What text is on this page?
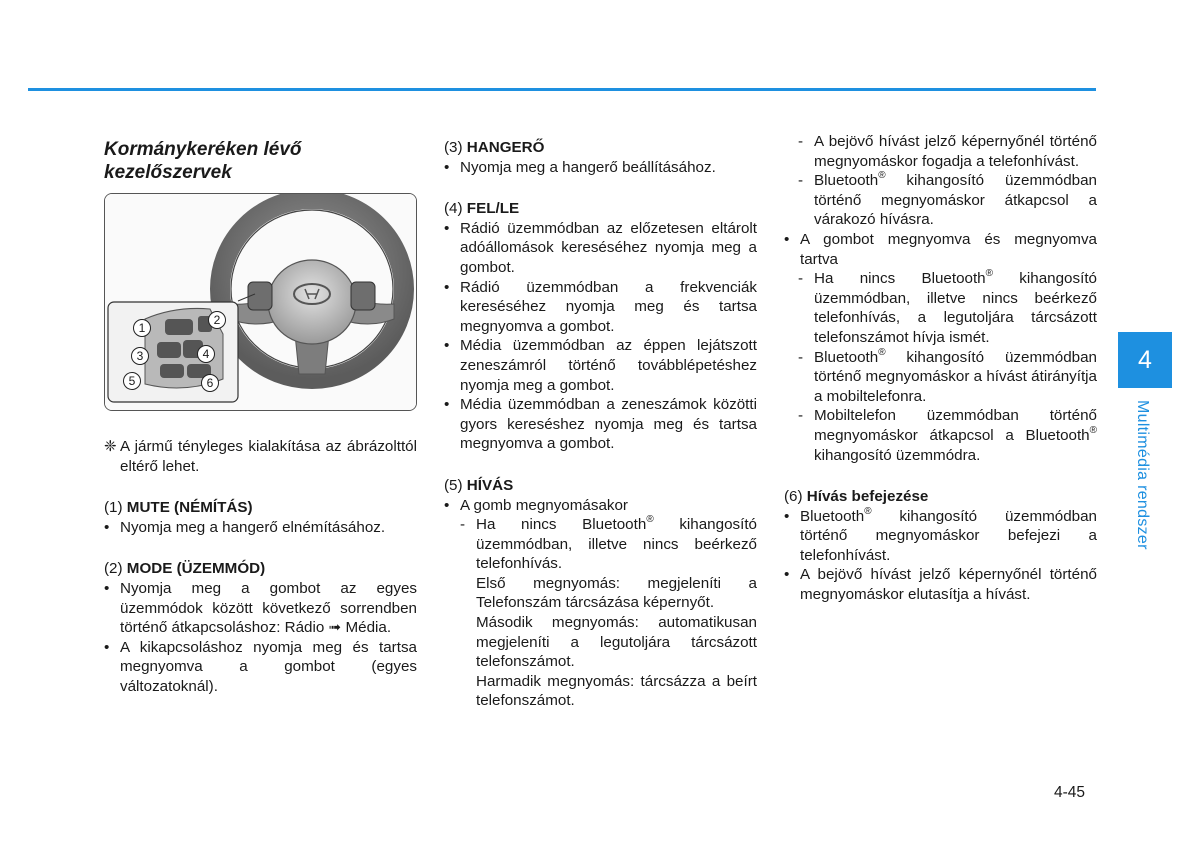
Kormánykeréken lévő kezelőszervek
1
2
3	4
5	6
❈ A jármű tényleges kialakítása az ábrázolttól eltérő lehet.

(1) MUTE (NÉMÍTÁS)

• Nyomja meg a hangerő elnémításához.

(2) MODE (ÜZEMMÓD)

• Nyomja meg a gombot az egyes üzemmódok között következő sorrendben történő átkapcsoláshoz: Rádio ➟ Média.
• A kikapcsoláshoz nyomja meg és tartsa megnyomva a gombot (egyes változatoknál).

(3) HANGERŐ

• Nyomja meg a hangerő beállításához.

(4) FEL/LE

• Rádió üzemmódban az előzetesen eltárolt adóállomások kereséséhez nyomja meg a gombot.
• Rádió üzemmódban a frekvenciák kereséséhez nyomja meg és tartsa megnyomva a gombot.
• Média üzemmódban az éppen lejátszott zeneszámról történő továbblépetéshez nyomja meg a gombot.
• Média üzemmódban a zeneszámok közötti gyors kereséshez nyomja meg és tartsa megnyomva a gombot.

(5) HÍVÁS

• A gomb megnyomásakor
- Ha nincs Bluetooth® kihangosító üzemmódban, illetve nincs beérkező telefonhívás.

Első megnyomás: megjeleníti a Telefonszám tárcsázása képernyőt.

Második megnyomás: automatikusan megjeleníti a legutoljára tárcsázott telefonszámot.

Harmadik megnyomás: tárcsázza a beírt telefonszámot.

- A bejövő hívást jelző képernyőnél történő megnyomáskor fogadja a telefonhívást.
- Bluetooth® kihangosító üzemmódban történő megnyomáskor átkapcsol a várakozó hívásra.
• A gombot megnyomva és megnyomva tartva
- Ha nincs Bluetooth® kihangosító üzemmódban, illetve nincs beérkező telefonhívás, a legutoljára tárcsázott telefonszámot hívja ismét.
- Bluetooth® kihangosító üzemmódban történő megnyomáskor a hívást átirányítja a mobiltelefonra.
- Mobiltelefon üzemmódban történő megnyomáskor átkapcsol a Bluetooth® kihangosító üzemmódra.

(6) Hívás befejezése

• Bluetooth® kihangosító üzemmódban történő megnyomáskor befejezi a telefonhívást.
• A bejövő hívást jelző képernyőnél történő megnyomáskor elutasítja a hívást.
4
Multimédia rendszer
4-45
